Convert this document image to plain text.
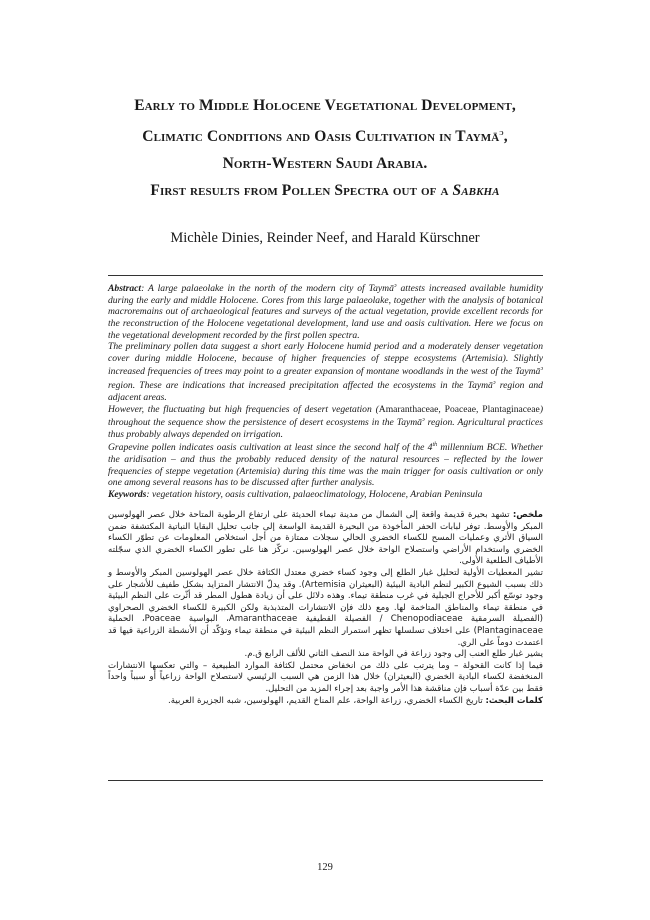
Early to Middle Holocene Vegetational Development,
Climatic Conditions and Oasis Cultivation in Taymā$^ͻ$,
North-Western Saudi Arabia.
First results from Pollen Spectra out of a Sabkha
Michèle Dinies, Reinder Neef, and Harald Kürschner

Abstract: A large palaeolake in the north of the modern city of Taymā$^ͻ$ attests increased available humidity during the early and middle Holocene. Cores from this large palaeolake, together with the analysis of botanical macroremains out of archaeological features and surveys of the actual vegetation, provide excellent records for the reconstruction of the Holocene vegetational development, land use and oasis cultivation. Here we focus on the vegetational development recorded by the first pollen spectra.

The preliminary pollen data suggest a short early Holocene humid period and a moderately denser vegetation cover during middle Holocene, because of higher frequencies of steppe ecosystems (Artemisia). Slightly increased frequencies of trees may point to a greater expansion of montane woodlands in the west of the Taymā$^ͻ$ region. These are indications that increased precipitation affected the ecosystems in the Taymā$^ͻ$ region and adjacent areas.

However, the fluctuating but high frequencies of desert vegetation (Amaranthaceae, Poaceae, Plantaginaceae) throughout the sequence show the persistence of desert ecosystems in the Taymā$^ͻ$ region. Agricultural practices thus probably always depended on irrigation.

Grapevine pollen indicates oasis cultivation at least since the second half of the 4th millennium BCE. Whether the aridisation – and thus the probably reduced density of the natural resources – reflected by the lower frequencies of steppe vegetation (Artemisia) during this time was the main trigger for oasis cultivation or only one among several reasons has to be discussed after further analysis.

Keywords: vegetation history, oasis cultivation, palaeoclimatology, Holocene, Arabian Peninsula

ملخص: تشهد بحيرة قديمة واقعة إلى الشمال من مدينة تيماء الحديثة على ارتفاع الرطوبة المتاحة خلال عصر الهولوسين المبكر والأوسط. توفر لبابات الحفر المأخوذة من البحيرة القديمة الواسعة إلى جانب تحليل البقايا النباتية المكتشفة ضمن السياق الأثري وعمليات المسح للكساء الخضري الحالي سجلات ممتازة من أجل استخلاص المعلومات عن تطوّر الكساء الخضري واستخدام الأراضي واستصلاح الواحة خلال عصر الهولوسين. نركّز هنا على تطور الكساء الخضري الذي سجّلته الأطياف الطلعية الأولى.

تشير المعطيات الأولية لتحليل غبار الطلع إلى وجود كساء خضري معتدل الكثافة خلال عصر الهولوسين المبكر والأوسط و ذلك بسبب الشيوع الكبير لنظم البادية البيئية (البعيثران Artemisia). وقد يدلّ الانتشار المتزايد بشكل طفيف للأشجار على وجود توسّع أكبر للأحراج الجبلية في غرب منطقة تيماء. وهذه دلائل على أن زيادة هطول المطر قد أثّرت على النظم البيئية في منطقة تيماء والمناطق المتاخمة لها. ومع ذلك فإن الانتشارات المتذبذبة ولكن الكبيرة للكساء الخضري الصحراوي (الفصيلة السرمقية Chenopodiaceae / الفصيلة القطيفية Amaranthaceae، البواسية Poaceae، الحملية Plantaginaceae) على اختلاف تسلسلها تظهر استمرار النظم البيئية في منطقة تيماء وتؤكّد أن الأنشطة الزراعية فيها قد اعتمدت دوماً على الري.

يشير غبار طلع العنب إلى وجود زراعة في الواحة منذ النصف الثاني للألف الرابع ق.م.

فيما إذا كانت القحولة – وما يترتب على ذلك من انخفاض محتمل لكثافة الموارد الطبيعية – والتي تعكسها الانتشارات المنخفضة لكساء البادية الخضري (البعيثران) خلال هذا الزمن هي السبب الرئيسي لاستصلاح الواحة زراعياً أو سبباً واحداً فقط بين عدّة أسباب فإن مناقشة هذا الأمر واجبة بعد إجراء المزيد من التحليل.

كلمات البحث: تاريخ الكساء الخضري، زراعة الواحة، علم المناخ القديم، الهولوسين، شبه الجزيرة العربية.

129
